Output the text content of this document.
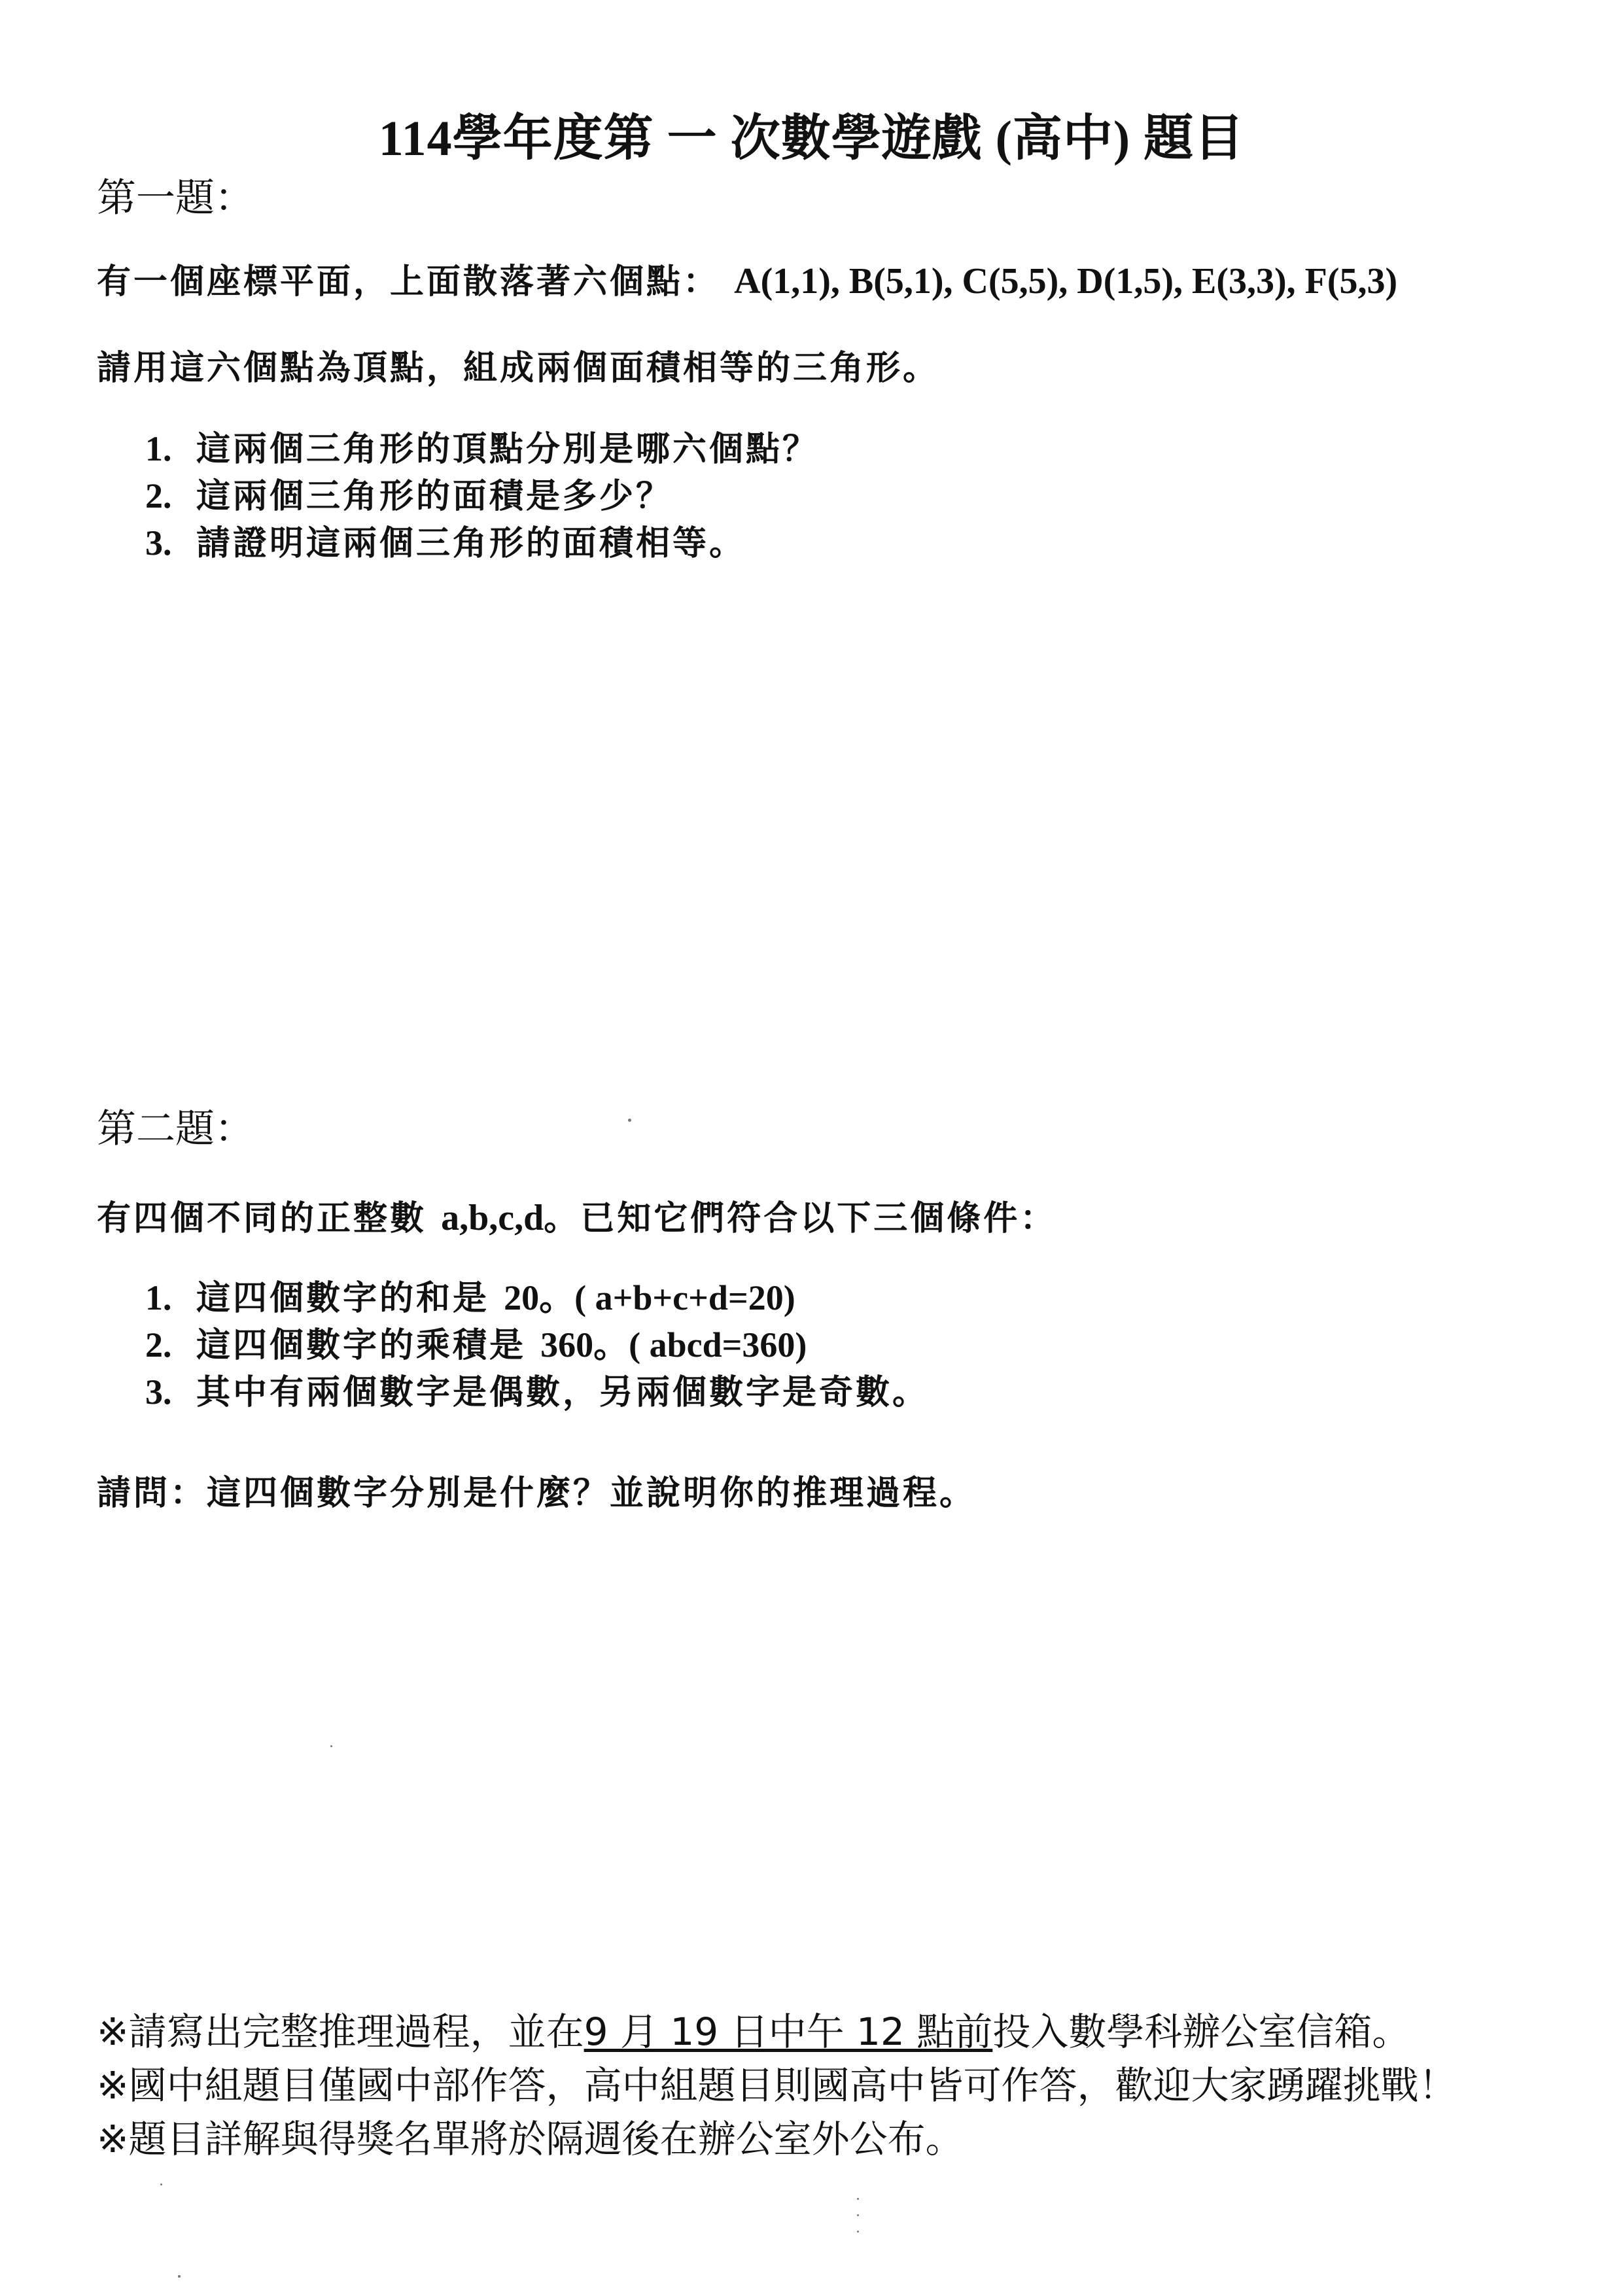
114學年度第 一 次數學遊戲 (高中) 題目
第一題：
有一個座標平面，上面散落著六個點： A(1,1), B(5,1), C(5,5), D(1,5), E(3,3), F(5,3)
請用這六個點為頂點，組成兩個面積相等的三角形。
1. 這兩個三角形的頂點分別是哪六個點？
2. 這兩個三角形的面積是多少？
3. 請證明這兩個三角形的面積相等。
第二題：
有四個不同的正整數 a,b,c,d。已知它們符合以下三個條件：
1. 這四個數字的和是 20。( a+b+c+d=20)
2. 這四個數字的乘積是 360。( abcd=360)
3. 其中有兩個數字是偶數，另兩個數字是奇數。
請問：這四個數字分別是什麼？並說明你的推理過程。
※請寫出完整推理過程，並在9 月 19 日中午 12 點前投入數學科辦公室信箱。
※國中組題目僅國中部作答，高中組題目則國高中皆可作答，歡迎大家踴躍挑戰！
※題目詳解與得獎名單將於隔週後在辦公室外公布。
